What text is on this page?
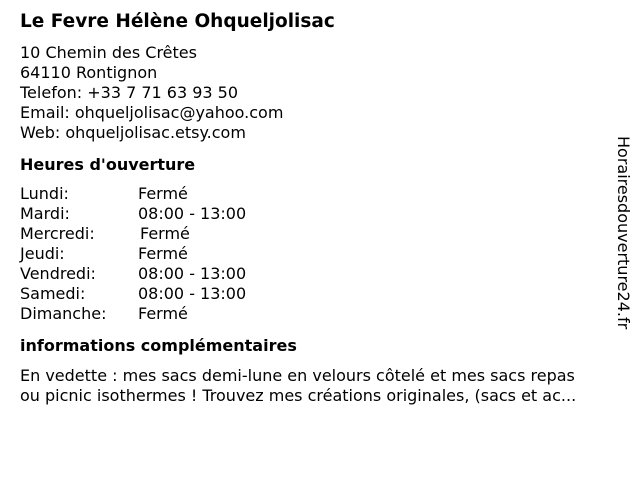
Le Fevre Hélène Ohqueljolisac
10 Chemin des Crêtes
64110 Rontignon
Telefon: +33 7 71 63 93 50
Email: ohqueljolisac@yahoo.com
Web: ohqueljolisac.etsy.com
Heures d'ouverture
Lundi:	Fermé
Mardi:	08:00 - 13:00
Mercredi:	Fermé
Jeudi:	Fermé
Vendredi:	08:00 - 13:00
Samedi:	08:00 - 13:00
Dimanche:	Fermé
informations complémentaires
En vedette : mes sacs demi-lune en velours côtelé et mes sacs repas
ou picnic isothermes ! Trouvez mes créations originales, (sacs et ac...
Horairesdouverture24.fr
